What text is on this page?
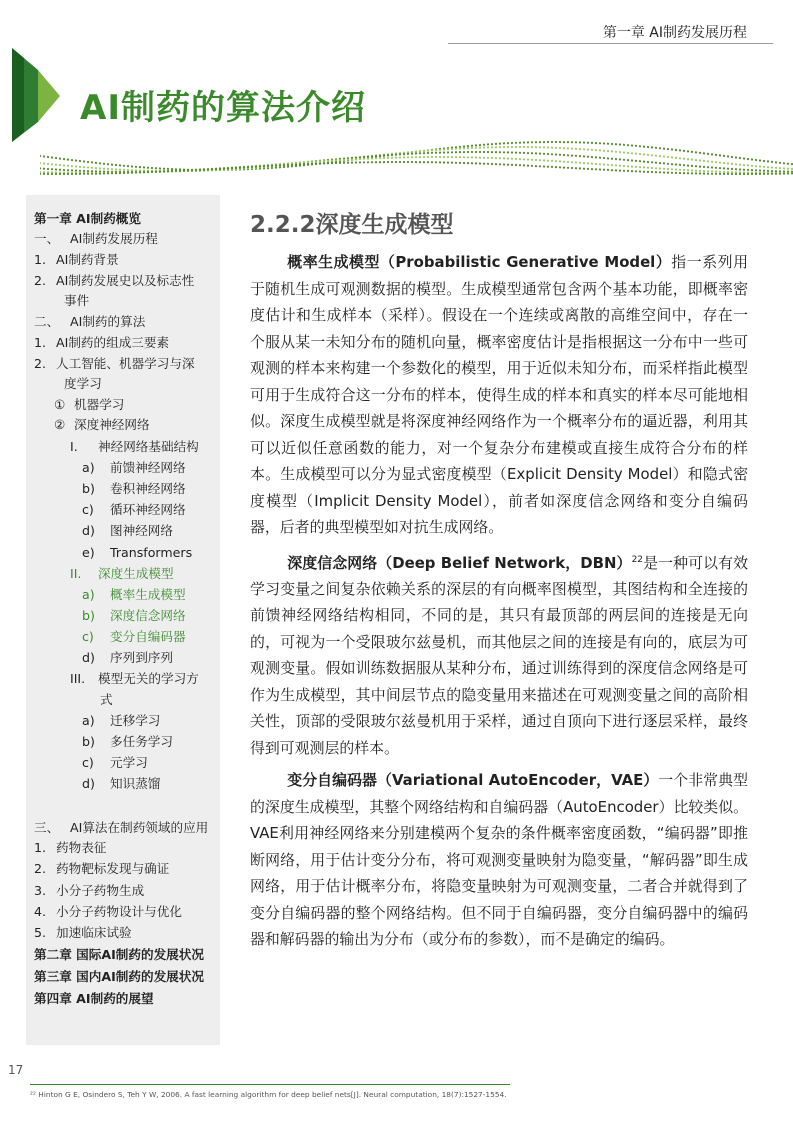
第一章 AI制药发展历程
AI制药的算法介绍
第一章 AI制药概览
一、 AI制药发展历程
1. AI制药背景
2. AI制药发展史以及标志性
事件
二、 AI制药的算法
1. AI制药的组成三要素
2. 人工智能、机器学习与深
度学习
① 机器学习
② 深度神经网络
I. 神经网络基础结构
a) 前馈神经网络
b) 卷积神经网络
c) 循环神经网络
d) 图神经网络
e) Transformers
II. 深度生成模型
a) 概率生成模型
b) 深度信念网络
c) 变分自编码器
d) 序列到序列
III. 模型无关的学习方
式
a) 迁移学习
b) 多任务学习
c) 元学习
d) 知识蒸馏
三、 AI算法在制药领域的应用
1. 药物表征
2. 药物靶标发现与确证
3. 小分子药物生成
4. 小分子药物设计与优化
5. 加速临床试验
第二章 国际AI制药的发展状况
第三章 国内AI制药的发展状况
第四章 AI制药的展望
2.2.2深度生成模型

概率生成模型（Probabilistic Generative Model）指一系列用于随机生成可观测数据的模型。生成模型通常包含两个基本功能，即概率密度估计和生成样本（采样）。假设在一个连续或离散的高维空间中，存在一个服从某一未知分布的随机向量，概率密度估计是指根据这一分布中一些可观测的样本来构建一个参数化的模型，用于近似未知分布，而采样指此模型可用于生成符合这一分布的样本，使得生成的样本和真实的样本尽可能地相似。深度生成模型就是将深度神经网络作为一个概率分布的逼近器，利用其可以近似任意函数的能力，对一个复杂分布建模或直接生成符合分布的样本。生成模型可以分为显式密度模型（Explicit Density Model）和隐式密度模型（Implicit Density Model），前者如深度信念网络和变分自编码器，后者的典型模型如对抗生成网络。

深度信念网络（Deep Belief Network，DBN）$^{22}$是一种可以有效学习变量之间复杂依赖关系的深层的有向概率图模型，其图结构和全连接的前馈神经网络结构相同，不同的是，其只有最顶部的两层间的连接是无向的，可视为一个受限玻尔兹曼机，而其他层之间的连接是有向的，底层为可观测变量。假如训练数据服从某种分布，通过训练得到的深度信念网络是可作为生成模型，其中间层节点的隐变量用来描述在可观测变量之间的高阶相关性，顶部的受限玻尔兹曼机用于采样，通过自顶向下进行逐层采样，最终得到可观测层的样本。

变分自编码器（Variational AutoEncoder，VAE）一个非常典型的深度生成模型，其整个网络结构和自编码器（AutoEncoder）比较类似。VAE利用神经网络来分别建模两个复杂的条件概率密度函数，“编码器”即推断网络，用于估计变分分布，将可观测变量映射为隐变量，“解码器”即生成网络，用于估计概率分布，将隐变量映射为可观测变量，二者合并就得到了变分自编码器的整个网络结构。但不同于自编码器，变分自编码器中的编码器和解码器的输出为分布（或分布的参数），而不是确定的编码。

17
²² Hinton G E, Osindero S, Teh Y W, 2006. A fast learning algorithm for deep belief nets[J]. Neural computation, 18(7):1527-1554.
